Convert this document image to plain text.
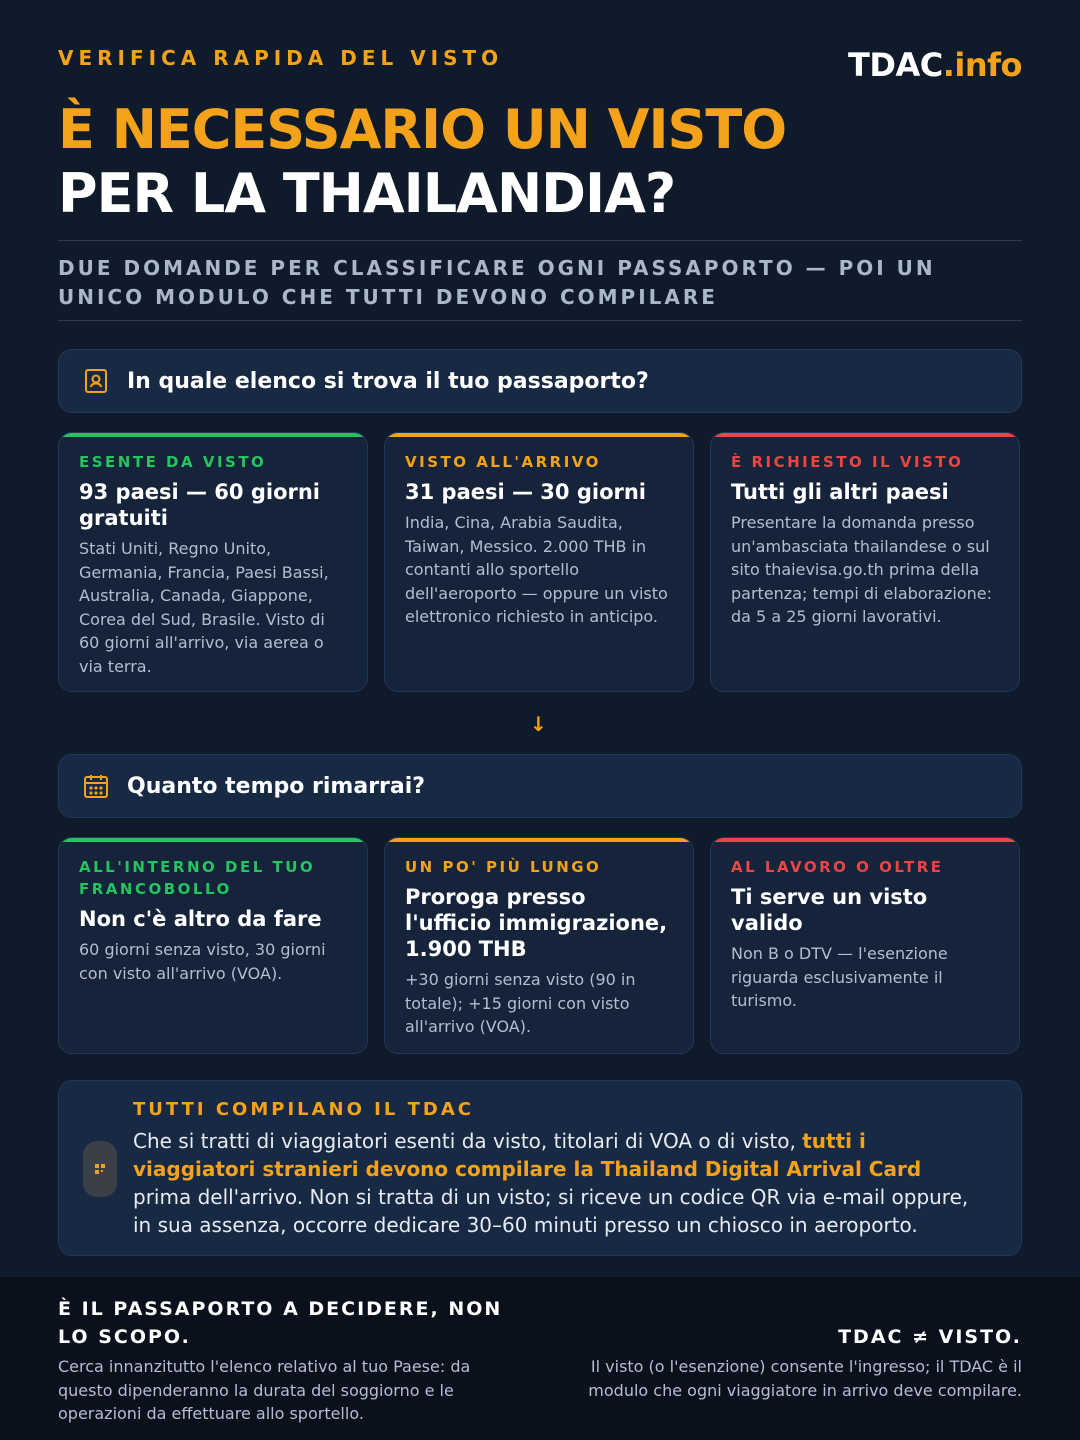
VERIFICA RAPIDA DEL VISTO	TDAC.info
È NECESSARIO UN VISTO
PER LA THAILANDIA?
DUE DOMANDE PER CLASSIFICARE OGNI PASSAPORTO — POI UN UNICO MODULO CHE TUTTI DEVONO COMPILARE
In quale elenco si trova il tuo passaporto?
ESENTE DA VISTO
93 paesi — 60 giorni gratuiti
Stati Uniti, Regno Unito, Germania, Francia, Paesi Bassi, Australia, Canada, Giappone, Corea del Sud, Brasile. Visto di 60 giorni all'arrivo, via aerea o via terra.
VISTO ALL'ARRIVO
31 paesi — 30 giorni
India, Cina, Arabia Saudita, Taiwan, Messico. 2.000 THB in contanti allo sportello dell'aeroporto — oppure un visto elettronico richiesto in anticipo.
È RICHIESTO IL VISTO
Tutti gli altri paesi
Presentare la domanda presso un'ambasciata thailandese o sul sito thaievisa.go.th prima della partenza; tempi di elaborazione: da 5 a 25 giorni lavorativi.
↓
Quanto tempo rimarrai?
ALL'INTERNO DEL TUO FRANCOBOLLO
Non c'è altro da fare
60 giorni senza visto, 30 giorni con visto all'arrivo (VOA).
UN PO' PIÙ LUNGO
Proroga presso l'ufficio immigrazione, 1.900 THB
+30 giorni senza visto (90 in totale); +15 giorni con visto all'arrivo (VOA).
AL LAVORO O OLTRE
Ti serve un visto valido
Non B o DTV — l'esenzione riguarda esclusivamente il turismo.
TUTTI COMPILANO IL TDAC
Che si tratti di viaggiatori esenti da visto, titolari di VOA o di visto, tutti i viaggiatori stranieri devono compilare la Thailand Digital Arrival Card prima dell'arrivo. Non si tratta di un visto; si riceve un codice QR via e-mail oppure, in sua assenza, occorre dedicare 30–60 minuti presso un chiosco in aeroporto.
È IL PASSAPORTO A DECIDERE, NON LO SCOPO.
Cerca innanzitutto l'elenco relativo al tuo Paese: da questo dipenderanno la durata del soggiorno e le operazioni da effettuare allo sportello.
TDAC ≠ VISTO.
Il visto (o l'esenzione) consente l'ingresso; il TDAC è il modulo che ogni viaggiatore in arrivo deve compilare.
